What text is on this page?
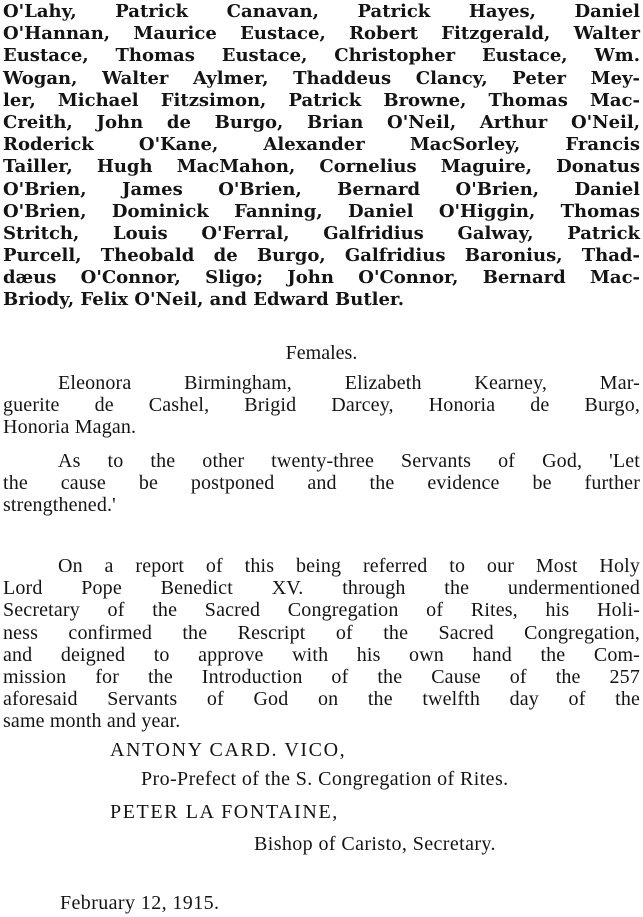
O'Lahy, Patrick Canavan, Patrick Hayes, Daniel
O'Hannan, Maurice Eustace, Robert Fitzgerald, Walter
Eustace, Thomas Eustace, Christopher Eustace, Wm.
Wogan, Walter Aylmer, Thaddeus Clancy, Peter Mey-
ler, Michael Fitzsimon, Patrick Browne, Thomas Mac-
Creith, John de Burgo, Brian O'Neil, Arthur O'Neil,
Roderick O'Kane, Alexander MacSorley, Francis
Tailler, Hugh MacMahon, Cornelius Maguire, Donatus
O'Brien, James O'Brien, Bernard O'Brien, Daniel
O'Brien, Dominick Fanning, Daniel O'Higgin, Thomas
Stritch, Louis O'Ferral, Galfridius Galway, Patrick
Purcell, Theobald de Burgo, Galfridius Baronius, Thad-
dæus O'Connor, Sligo; John O'Connor, Bernard Mac-
Briody, Felix O'Neil, and Edward Butler.
Females.
Eleonora Birmingham, Elizabeth Kearney, Mar-
guerite de Cashel, Brigid Darcey, Honoria de Burgo,
Honoria Magan.
As to the other twenty-three Servants of God, 'Let
the cause be postponed and the evidence be further
strengthened.'
On a report of this being referred to our Most Holy
Lord Pope Benedict XV. through the undermentioned
Secretary of the Sacred Congregation of Rites, his Holi-
ness confirmed the Rescript of the Sacred Congregation,
and deigned to approve with his own hand the Com-
mission for the Introduction of the Cause of the 257
aforesaid Servants of God on the twelfth day of the
same month and year.
ANTONY CARD. VICO,
Pro-Prefect of the S. Congregation of Rites.
PETER LA FONTAINE,
Bishop of Caristo, Secretary.
February 12, 1915.
